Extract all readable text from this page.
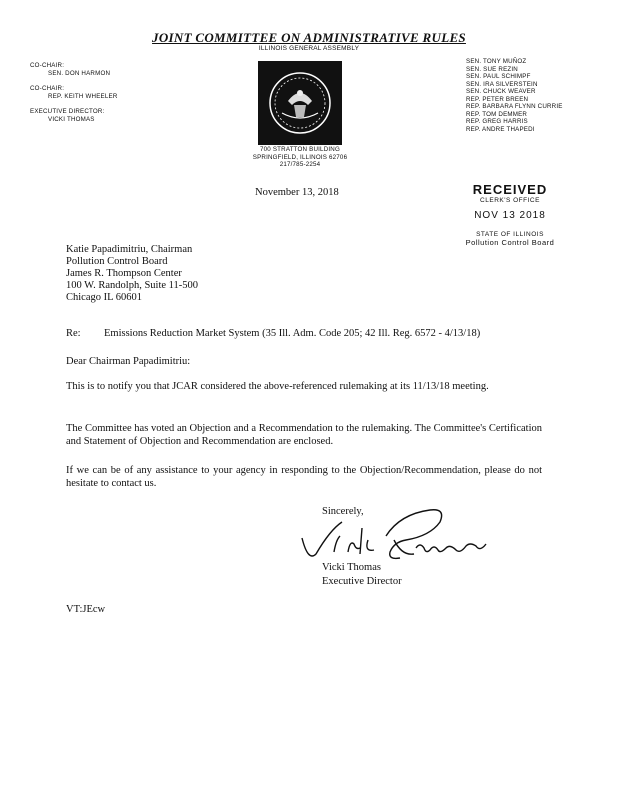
JOINT COMMITTEE ON ADMINISTRATIVE RULES
ILLINOIS GENERAL ASSEMBLY
CO-CHAIR:
SEN. DON HARMON
CO-CHAIR:
REP. KEITH WHEELER
EXECUTIVE DIRECTOR:
VICKI THOMAS
700 STRATTON BUILDING
SPRINGFIELD, ILLINOIS 62706
217/785-2254
SEN. TONY MUÑOZ
SEN. SUE REZIN
SEN. PAUL SCHIMPF
SEN. IRA SILVERSTEIN
SEN. CHUCK WEAVER
REP. PETER BREEN
REP. BARBARA FLYNN CURRIE
REP. TOM DEMMER
REP. GREG HARRIS
REP. ANDRE THAPEDI
November 13, 2018	RECEIVED
CLERK'S OFFICE
NOV 13 2018
STATE OF ILLINOIS
Pollution Control Board
Katie Papadimitriu, Chairman
Pollution Control Board
James R. Thompson Center
100 W. Randolph, Suite 11-500
Chicago IL 60601
Re: Emissions Reduction Market System (35 Ill. Adm. Code 205; 42 Ill. Reg. 6572 - 4/13/18)
Dear Chairman Papadimitriu:
This is to notify you that JCAR considered the above-referenced rulemaking at its 11/13/18 meeting.
The Committee has voted an Objection and a Recommendation to the rulemaking. The Committee's Certification and Statement of Objection and Recommendation are enclosed.
If we can be of any assistance to your agency in responding to the Objection/Recommendation, please do not hesitate to contact us.
Sincerely,
Vicki Thomas
Executive Director
VT:JEcw
